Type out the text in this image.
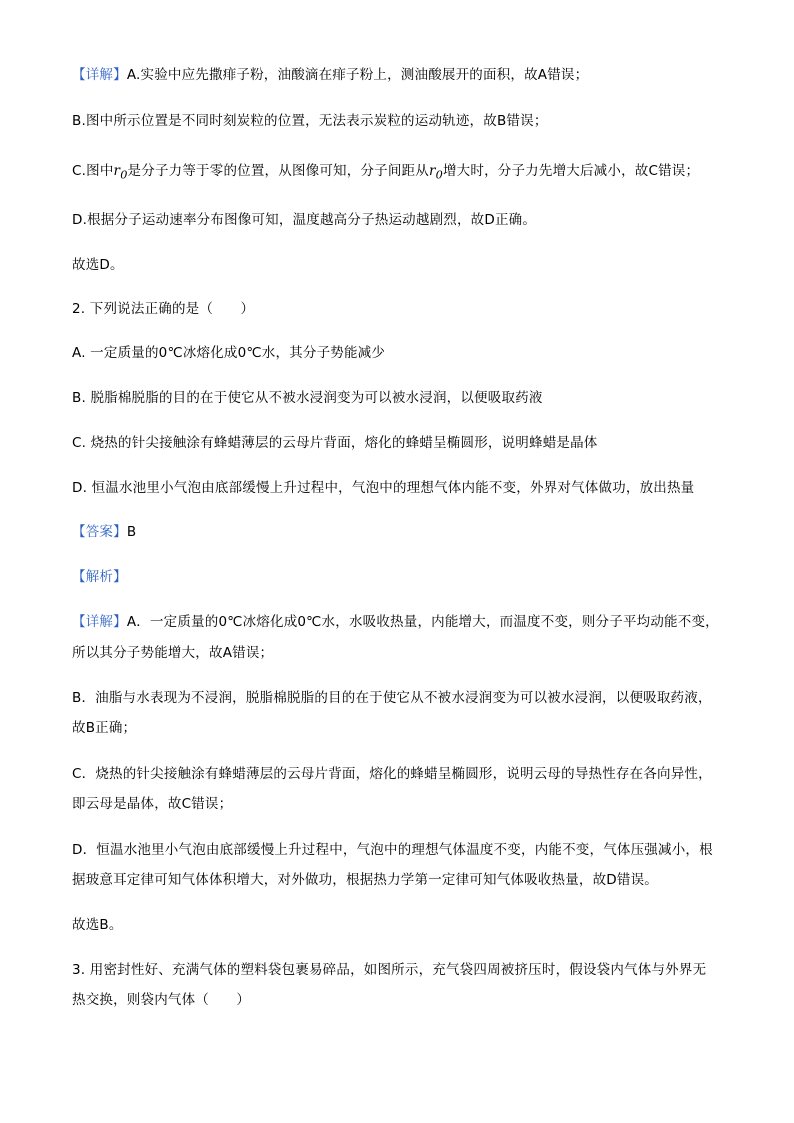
【详解】A.实验中应先撒痱子粉，油酸滴在痱子粉上，测油酸展开的面积，故A错误；
B.图中所示位置是不同时刻炭粒的位置，无法表示炭粒的运动轨迹，故B错误；
C.图中$r_0$是分子力等于零的位置，从图像可知，分子间距从$r_0$增大时，分子力先增大后减小，故C错误；
D.根据分子运动速率分布图像可知，温度越高分子热运动越剧烈，故D正确。
故选D。
2. 下列说法正确的是（　　）
A. 一定质量的0℃冰熔化成0℃水，其分子势能减少
B. 脱脂棉脱脂的目的在于使它从不被水浸润变为可以被水浸润，以便吸取药液
C. 烧热的针尖接触涂有蜂蜡薄层的云母片背面，熔化的蜂蜡呈椭圆形，说明蜂蜡是晶体
D. 恒温水池里小气泡由底部缓慢上升过程中，气泡中的理想气体内能不变，外界对气体做功，放出热量
【答案】B
【解析】
【详解】A．一定质量的0℃冰熔化成0℃水，水吸收热量，内能增大，而温度不变，则分子平均动能不变，
所以其分子势能增大，故A错误；
B．油脂与水表现为不浸润，脱脂棉脱脂的目的在于使它从不被水浸润变为可以被水浸润，以便吸取药液，
故B正确；
C．烧热的针尖接触涂有蜂蜡薄层的云母片背面，熔化的蜂蜡呈椭圆形，说明云母的导热性存在各向异性，
即云母是晶体，故C错误；
D．恒温水池里小气泡由底部缓慢上升过程中，气泡中的理想气体温度不变，内能不变，气体压强减小，根
据玻意耳定律可知气体体积增大，对外做功，根据热力学第一定律可知气体吸收热量，故D错误。
故选B。
3. 用密封性好、充满气体的塑料袋包裹易碎品，如图所示，充气袋四周被挤压时，假设袋内气体与外界无
热交换，则袋内气体（　　）
